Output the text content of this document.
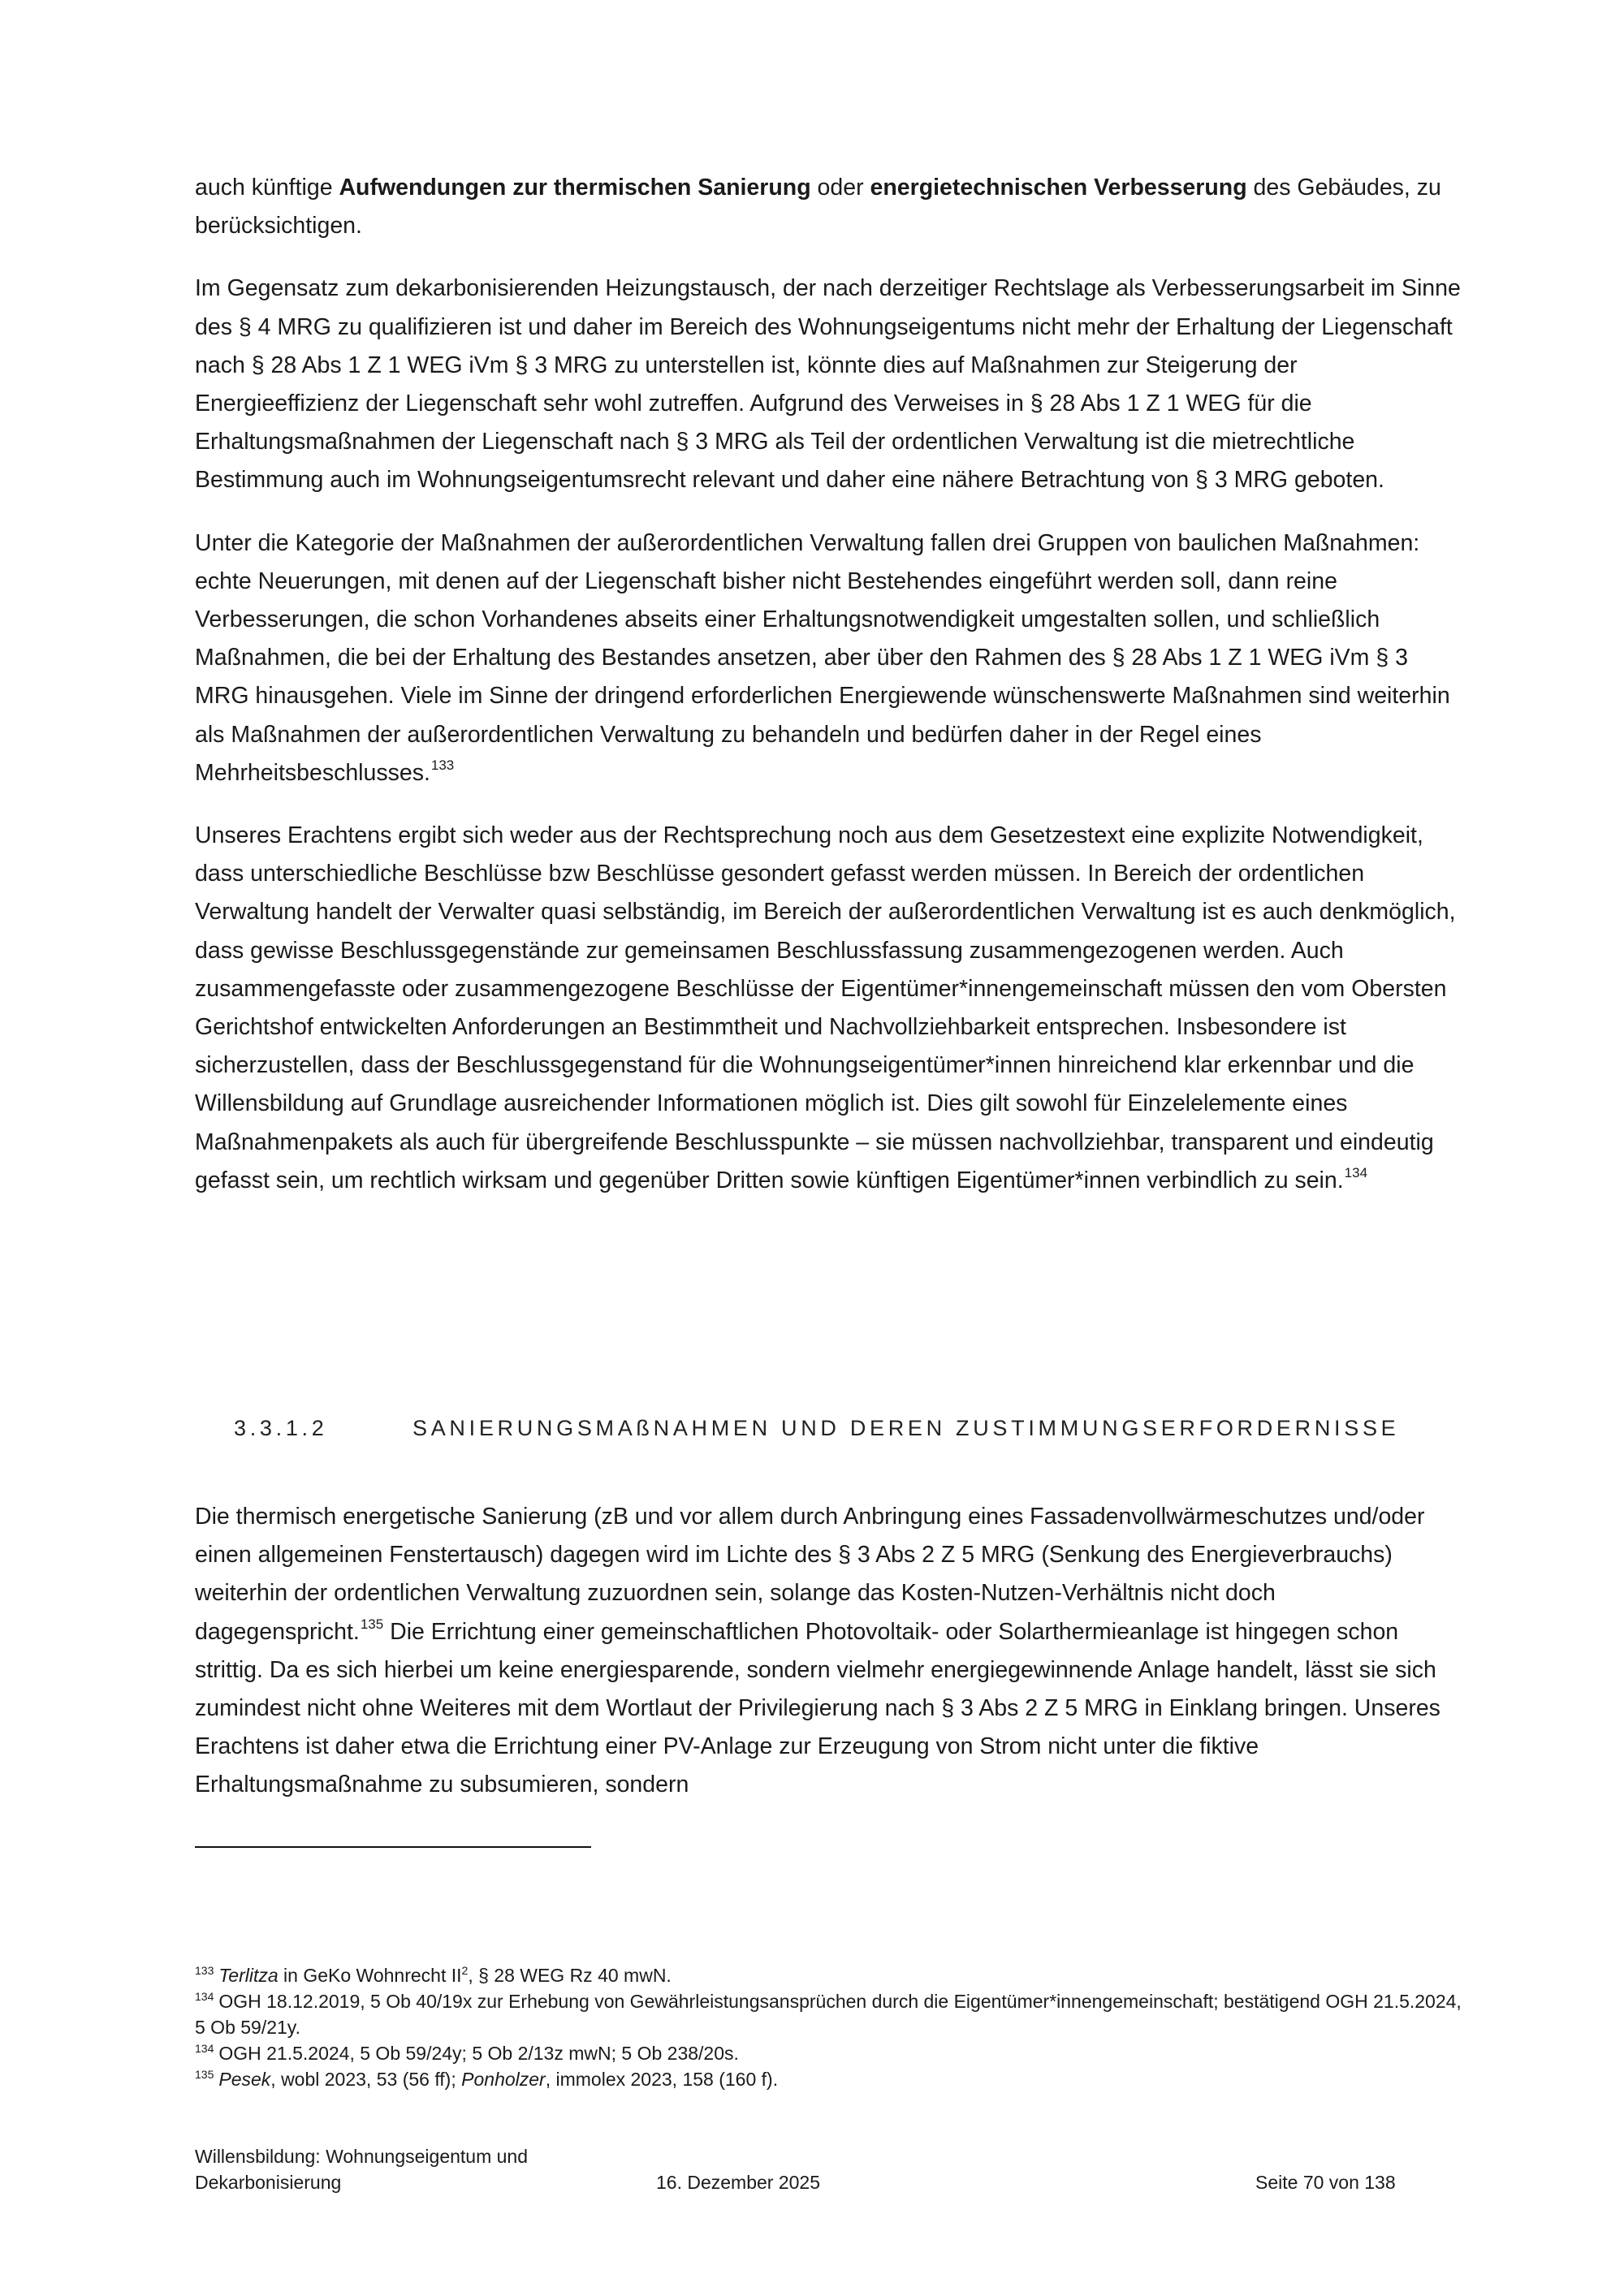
auch künftige Aufwendungen zur thermischen Sanierung oder energietechnischen Verbesserung des Gebäudes, zu berücksichtigen.

Im Gegensatz zum dekarbonisierenden Heizungstausch, der nach derzeitiger Rechtslage als Verbesserungsarbeit im Sinne des § 4 MRG zu qualifizieren ist und daher im Bereich des Wohnungseigentums nicht mehr der Erhaltung der Liegenschaft nach § 28 Abs 1 Z 1 WEG iVm § 3 MRG zu unterstellen ist, könnte dies auf Maßnahmen zur Steigerung der Energieeffizienz der Liegenschaft sehr wohl zutreffen. Aufgrund des Verweises in § 28 Abs 1 Z 1 WEG für die Erhaltungsmaßnahmen der Liegenschaft nach § 3 MRG als Teil der ordentlichen Verwaltung ist die mietrechtliche Bestimmung auch im Wohnungseigentumsrecht relevant und daher eine nähere Betrachtung von § 3 MRG geboten.

Unter die Kategorie der Maßnahmen der außerordentlichen Verwaltung fallen drei Gruppen von baulichen Maßnahmen: echte Neuerungen, mit denen auf der Liegenschaft bisher nicht Bestehendes eingeführt werden soll, dann reine Verbesserungen, die schon Vorhandenes abseits einer Erhaltungsnotwendigkeit umgestalten sollen, und schließlich Maßnahmen, die bei der Erhaltung des Bestandes ansetzen, aber über den Rahmen des § 28 Abs 1 Z 1 WEG iVm § 3 MRG hinausgehen. Viele im Sinne der dringend erforderlichen Energiewende wünschenswerte Maßnahmen sind weiterhin als Maßnahmen der außerordentlichen Verwaltung zu behandeln und bedürfen daher in der Regel eines Mehrheitsbeschlusses.$^{133}$

Unseres Erachtens ergibt sich weder aus der Rechtsprechung noch aus dem Gesetzestext eine explizite Notwendigkeit, dass unterschiedliche Beschlüsse bzw Beschlüsse gesondert gefasst werden müssen. In Bereich der ordentlichen Verwaltung handelt der Verwalter quasi selbständig, im Bereich der außerordentlichen Verwaltung ist es auch denkmöglich, dass gewisse Beschlussgegenstände zur gemeinsamen Beschlussfassung zusammengezogenen werden. Auch zusammengefasste oder zusammengezogene Beschlüsse der Eigentümer*innengemeinschaft müssen den vom Obersten Gerichtshof entwickelten Anforderungen an Bestimmtheit und Nachvollziehbarkeit entsprechen. Insbesondere ist sicherzustellen, dass der Beschlussgegenstand für die Wohnungseigentümer*innen hinreichend klar erkennbar und die Willensbildung auf Grundlage ausreichender Informationen möglich ist. Dies gilt sowohl für Einzelelemente eines Maßnahmenpakets als auch für übergreifende Beschlusspunkte – sie müssen nachvollziehbar, transparent und eindeutig gefasst sein, um rechtlich wirksam und gegenüber Dritten sowie künftigen Eigentümer*innen verbindlich zu sein.$^{134}$

3.3.1.2	SANIERUNGSMAßNAHMEN UND DEREN ZUSTIMMUNGSERFORDERNISSE

Die thermisch energetische Sanierung (zB und vor allem durch Anbringung eines Fassadenvollwärmeschutzes und/oder einen allgemeinen Fenstertausch) dagegen wird im Lichte des § 3 Abs 2 Z 5 MRG (Senkung des Energieverbrauchs) weiterhin der ordentlichen Verwaltung zuzuordnen sein, solange das Kosten-Nutzen-Verhältnis nicht doch dagegenspricht.$^{135}$ Die Errichtung einer gemeinschaftlichen Photovoltaik- oder Solarthermieanlage ist hingegen schon strittig. Da es sich hierbei um keine energiesparende, sondern vielmehr energiegewinnende Anlage handelt, lässt sie sich zumindest nicht ohne Weiteres mit dem Wortlaut der Privilegierung nach § 3 Abs 2 Z 5 MRG in Einklang bringen. Unseres Erachtens ist daher etwa die Errichtung einer PV-Anlage zur Erzeugung von Strom nicht unter die fiktive Erhaltungsmaßnahme zu subsumieren, sondern

$^{133}$ Terlitza in GeKo Wohnrecht $II^2$, § 28 WEG Rz 40 mwN.

$^{134}$ OGH 18.12.2019, 5 Ob 40/19x zur Erhebung von Gewährleistungsansprüchen durch die Eigentümer*innengemeinschaft; bestätigend OGH 21.5.2024, 5 Ob 59/21y.

$^{134}$ OGH 21.5.2024, 5 Ob 59/24y; 5 Ob 2/13z mwN; 5 Ob 238/20s.

$^{135}$ Pesek, wobl 2023, 53 (56 ff); Ponholzer, immolex 2023, 158 (160 f).

Willensbildung: Wohnungseigentum und Dekarbonisierung	16. Dezember 2025	Seite 70 von 138
